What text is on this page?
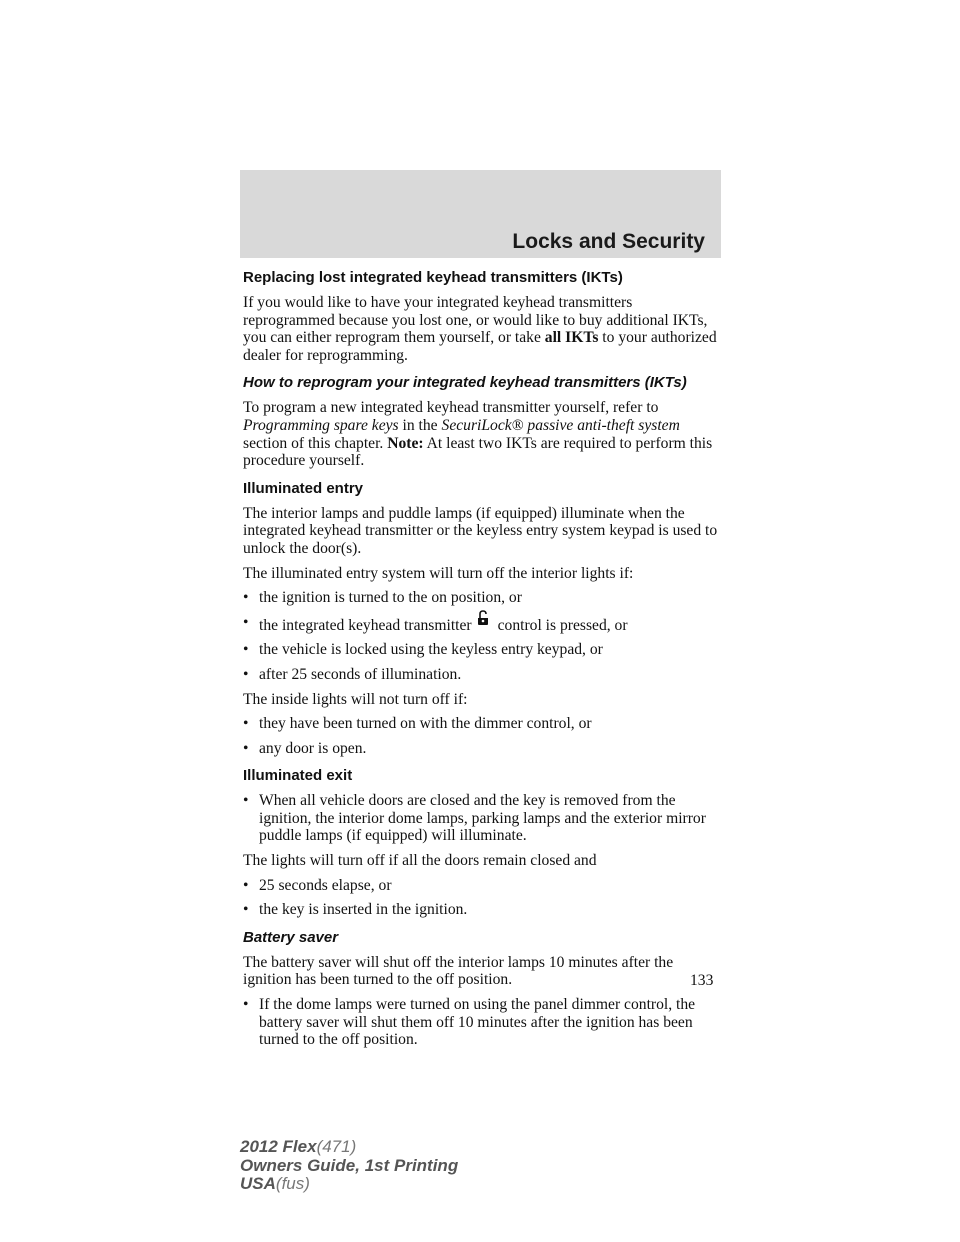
Locks and Security
Replacing lost integrated keyhead transmitters (IKTs)
If you would like to have your integrated keyhead transmitters reprogrammed because you lost one, or would like to buy additional IKTs, you can either reprogram them yourself, or take all IKTs to your authorized dealer for reprogramming.
How to reprogram your integrated keyhead transmitters (IKTs)
To program a new integrated keyhead transmitter yourself, refer to Programming spare keys in the SecuriLock® passive anti-theft system section of this chapter. Note: At least two IKTs are required to perform this procedure yourself.
Illuminated entry
The interior lamps and puddle lamps (if equipped) illuminate when the integrated keyhead transmitter or the keyless entry system keypad is used to unlock the door(s).
The illuminated entry system will turn off the interior lights if:
• the ignition is turned to the on position, or
• the integrated keyhead transmitter control is pressed, or
• the vehicle is locked using the keyless entry keypad, or
• after 25 seconds of illumination.
The inside lights will not turn off if:
• they have been turned on with the dimmer control, or
• any door is open.
Illuminated exit
• When all vehicle doors are closed and the key is removed from the ignition, the interior dome lamps, parking lamps and the exterior mirror puddle lamps (if equipped) will illuminate.
The lights will turn off if all the doors remain closed and
• 25 seconds elapse, or
• the key is inserted in the ignition.
Battery saver
The battery saver will shut off the interior lamps 10 minutes after the ignition has been turned to the off position.
• If the dome lamps were turned on using the panel dimmer control, the battery saver will shut them off 10 minutes after the ignition has been turned to the off position.
133
2012 Flex(471)
Owners Guide, 1st Printing
USA(fus)
